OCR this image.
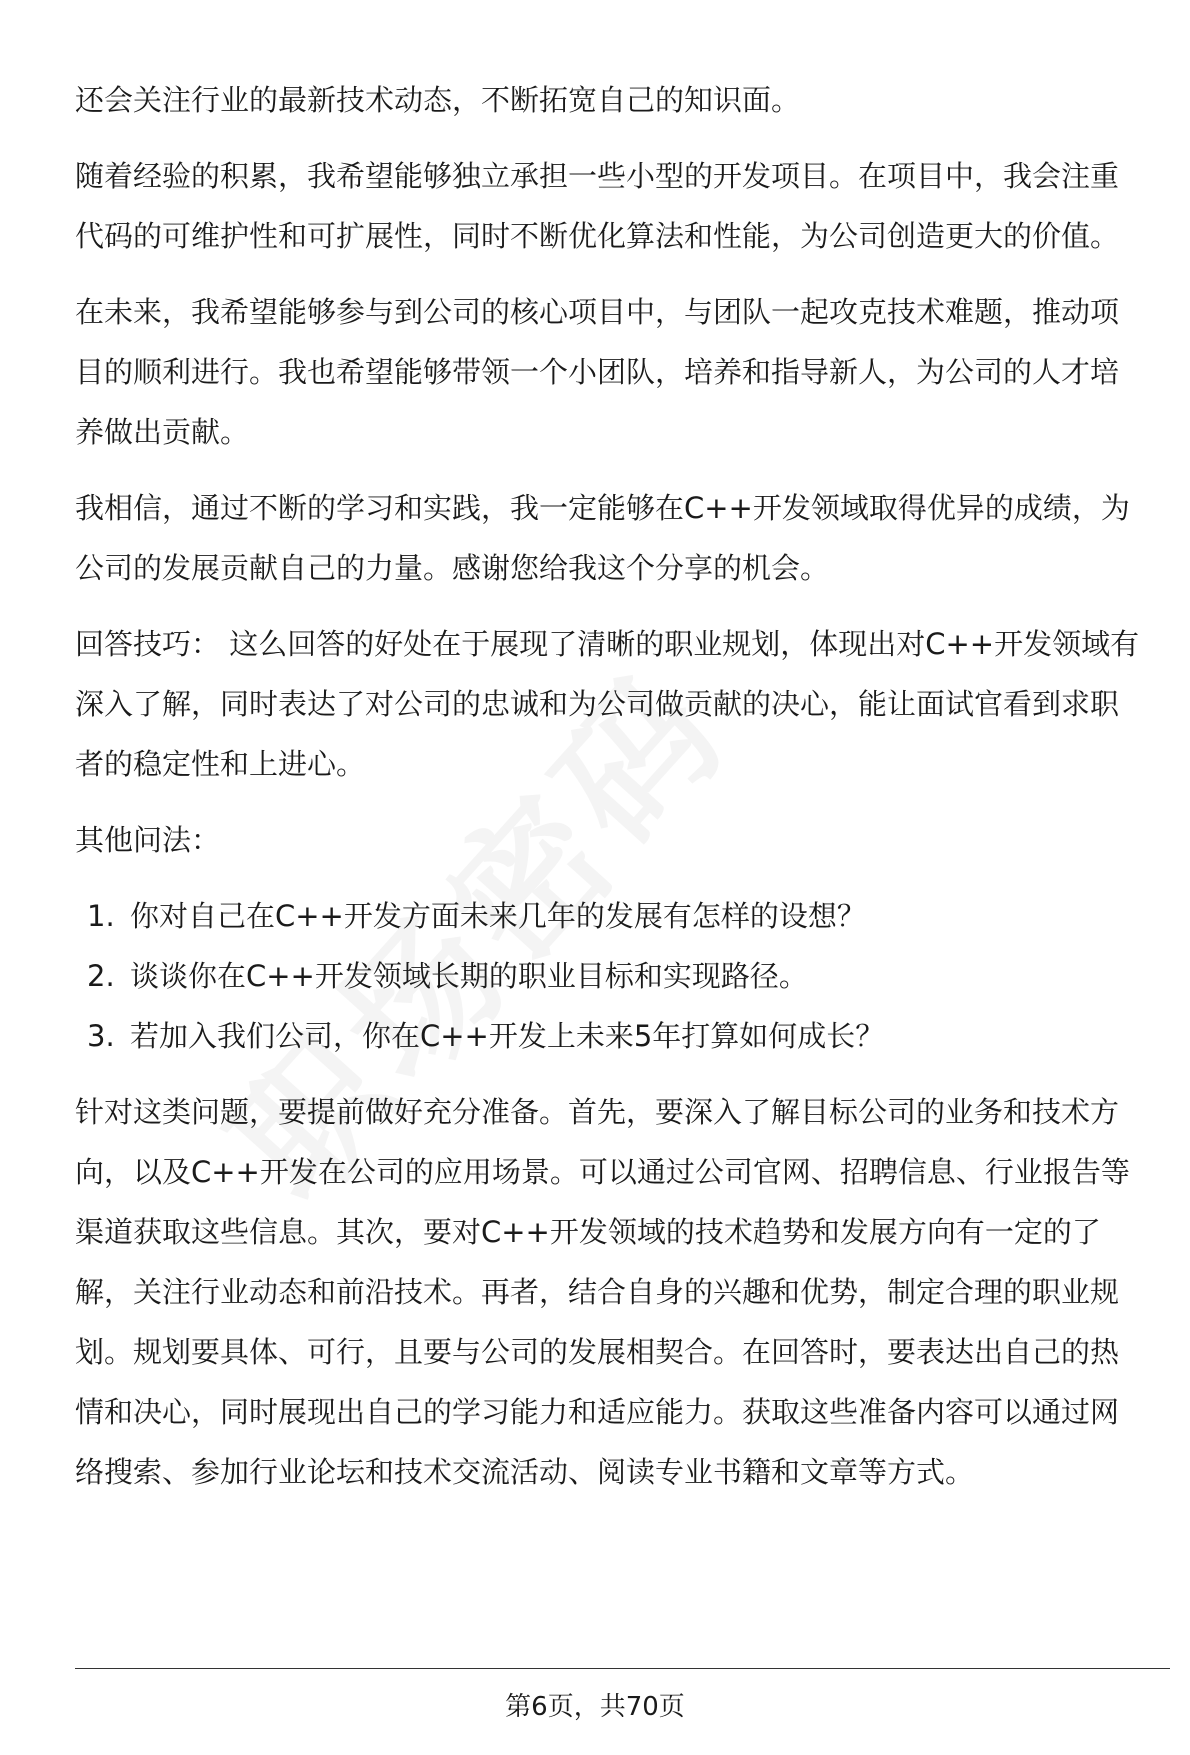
还会关注行业的最新技术动态，不断拓宽自己的知识面。

随着经验的积累，我希望能够独立承担一些小型的开发项目。在项目中，我会注重
代码的可维护性和可扩展性，同时不断优化算法和性能，为公司创造更大的价值。

在未来，我希望能够参与到公司的核心项目中，与团队一起攻克技术难题，推动项
目的顺利进行。我也希望能够带领一个小团队，培养和指导新人，为公司的人才培
养做出贡献。

我相信，通过不断的学习和实践，我一定能够在C++开发领域取得优异的成绩，为
公司的发展贡献自己的力量。感谢您给我这个分享的机会。

回答技巧： 这么回答的好处在于展现了清晰的职业规划，体现出对C++开发领域有
深入了解，同时表达了对公司的忠诚和为公司做贡献的决心，能让面试官看到求职
者的稳定性和上进心。

其他问法：

1. 你对自己在C++开发方面未来几年的发展有怎样的设想？
2. 谈谈你在C++开发领域长期的职业目标和实现路径。
3. 若加入我们公司，你在C++开发上未来5年打算如何成长？

针对这类问题，要提前做好充分准备。首先，要深入了解目标公司的业务和技术方
向，以及C++开发在公司的应用场景。可以通过公司官网、招聘信息、行业报告等
渠道获取这些信息。其次，要对C++开发领域的技术趋势和发展方向有一定的了
解，关注行业动态和前沿技术。再者，结合自身的兴趣和优势，制定合理的职业规
划。规划要具体、可行，且要与公司的发展相契合。在回答时，要表达出自己的热
情和决心，同时展现出自己的学习能力和适应能力。获取这些准备内容可以通过网
络搜索、参加行业论坛和技术交流活动、阅读专业书籍和文章等方式。

第6页，共70页
